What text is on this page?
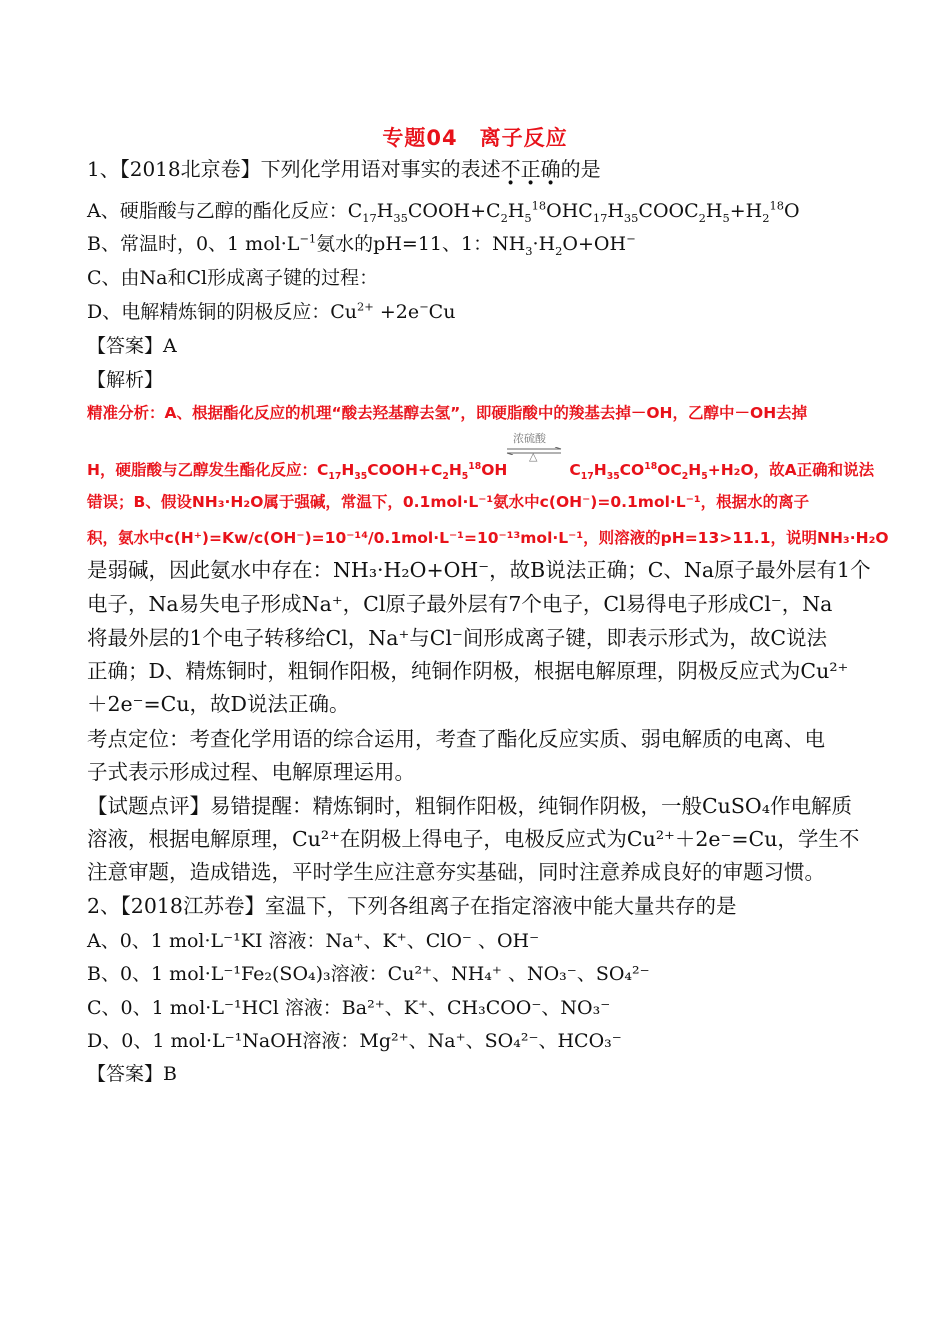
专题04　离子反应
1、【2018北京卷】下列化学用语对事实的表述不正确的是
A、硬脂酸与乙醇的酯化反应：$C_{17}H_{35}COOH+C_2H_5^{18}OHC_{17}H_{35}COOC_2H_5+H_2^{18}O$
B、常温时，0、1 $mol\cdot L^{-1}$氨水的pH=11、1：$NH_3\cdot H_2O+OH^-$
C、由Na和Cl形成离子键的过程：
D、电解精炼铜的阴极反应：$Cu^{2+} +2e^-Cu$
【答案】A
【解析】
精准分析：A、根据酯化反应的机理“酸去羟基醇去氢”，即硬脂酸中的羧基去掉－OH，乙醇中－OH去掉
浓硫酸
△
H，硬脂酸与乙醇发生酯化反应：$C_{17}H_{35}COOH+C_2H_5^{18}OH$	$C_{17}H_{35}CO^{18}OC_2H_5+H_2O$，故A正确和说法
错误；B、假设NH₃·H₂O属于强碱，常温下，0.1mol·L⁻¹氨水中c(OH⁻)=0.1mol·L⁻¹，根据水的离子
积，氨水中c(H⁺)=Kw/c(OH⁻)=10⁻¹⁴/0.1mol·L⁻¹=10⁻¹³mol·L⁻¹，则溶液的pH=13>11.1，说明NH₃·H₂O
是弱碱，因此氨水中存在：NH₃·H₂O+OH⁻，故B说法正确；C、Na原子最外层有1个
电子，Na易失电子形成Na⁺，Cl原子最外层有7个电子，Cl易得电子形成Cl⁻，Na
将最外层的1个电子转移给Cl，Na⁺与Cl⁻间形成离子键，即表示形式为，故C说法
正确；D、精炼铜时，粗铜作阳极，纯铜作阴极，根据电解原理，阴极反应式为Cu²⁺
＋2e⁻=Cu，故D说法正确。
考点定位：考查化学用语的综合运用，考查了酯化反应实质、弱电解质的电离、电
子式表示形成过程、电解原理运用。
【试题点评】易错提醒：精炼铜时，粗铜作阳极，纯铜作阴极，一般CuSO₄作电解质
溶液，根据电解原理，Cu²⁺在阴极上得电子，电极反应式为Cu²⁺＋2e⁻=Cu，学生不
注意审题，造成错选，平时学生应注意夯实基础，同时注意养成良好的审题习惯。
2、【2018江苏卷】室温下，下列各组离子在指定溶液中能大量共存的是
A、0、1 mol·L⁻¹KI 溶液：Na⁺、K⁺、ClO⁻ 、OH⁻
B、0、1 mol·L⁻¹Fe₂(SO₄)₃溶液：Cu²⁺、NH₄⁺ 、NO₃⁻、SO₄²⁻
C、0、1 mol·L⁻¹HCl 溶液：Ba²⁺、K⁺、CH₃COO⁻、NO₃⁻
D、0、1 mol·L⁻¹NaOH溶液：Mg²⁺、Na⁺、SO₄²⁻、HCO₃⁻
【答案】B
